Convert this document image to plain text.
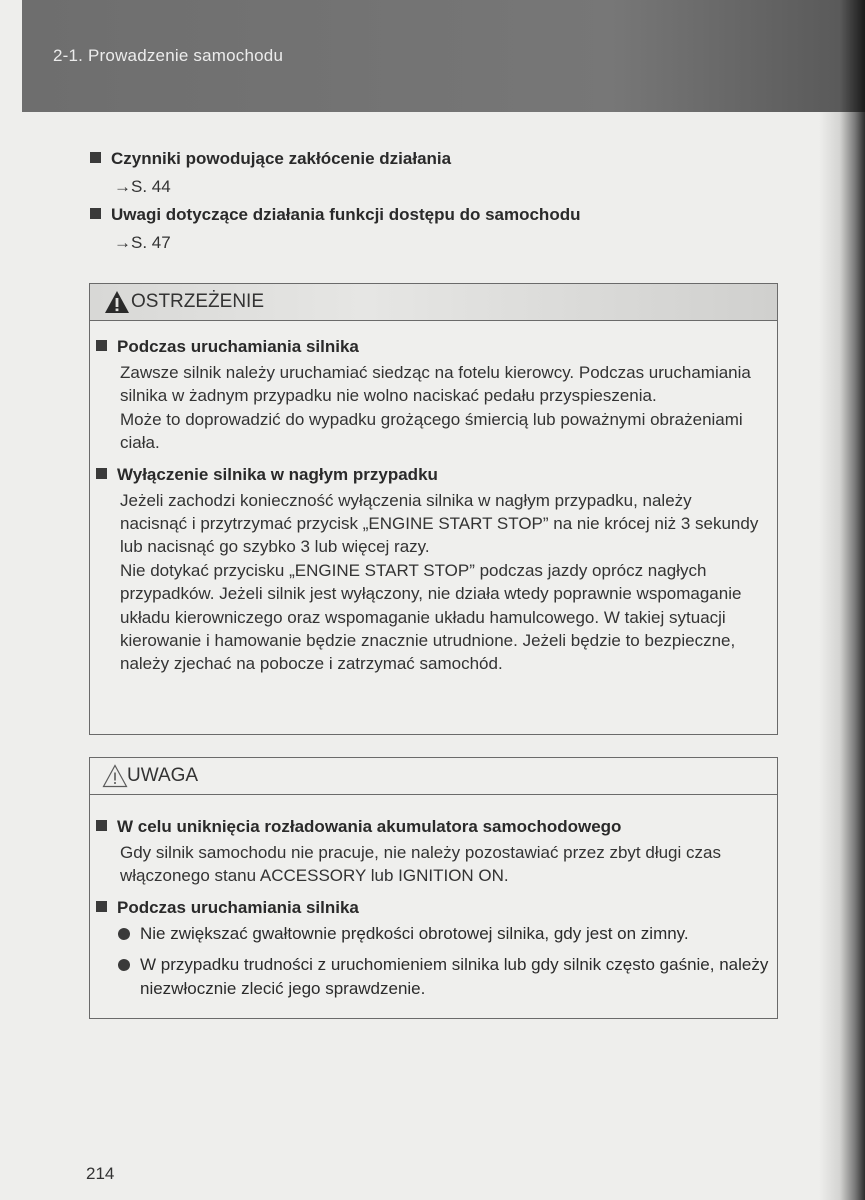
2-1. Prowadzenie samochodu
Czynniki powodujące zakłócenie działania
→S. 44
Uwagi dotyczące działania funkcji dostępu do samochodu
→S. 47
OSTRZEŻENIE
Podczas uruchamiania silnika

Zawsze silnik należy uruchamiać siedząc na fotelu kierowcy. Podczas uruchamiania silnika w żadnym przypadku nie wolno naciskać pedału przyspieszenia.

Może to doprowadzić do wypadku grożącego śmiercią lub poważnymi obrażeniami ciała.

Wyłączenie silnika w nagłym przypadku

Jeżeli zachodzi konieczność wyłączenia silnika w nagłym przypadku, należy nacisnąć i przytrzymać przycisk „ENGINE START STOP” na nie krócej niż 3 sekundy lub nacisnąć go szybko 3 lub więcej razy.

Nie dotykać przycisku „ENGINE START STOP” podczas jazdy oprócz nagłych przypadków. Jeżeli silnik jest wyłączony, nie działa wtedy poprawnie wspomaganie układu kierowniczego oraz wspomaganie układu hamulcowego. W takiej sytuacji kierowanie i hamowanie będzie znacznie utrudnione. Jeżeli będzie to bezpieczne, należy zjechać na pobocze i zatrzymać samochód.

UWAGA
W celu uniknięcia rozładowania akumulatora samochodowego

Gdy silnik samochodu nie pracuje, nie należy pozostawiać przez zbyt długi czas włączonego stanu ACCESSORY lub IGNITION ON.

Podczas uruchamiania silnika
Nie zwiększać gwałtownie prędkości obrotowej silnika, gdy jest on zimny.
W przypadku trudności z uruchomieniem silnika lub gdy silnik często gaśnie, należy niezwłocznie zlecić jego sprawdzenie.
214
